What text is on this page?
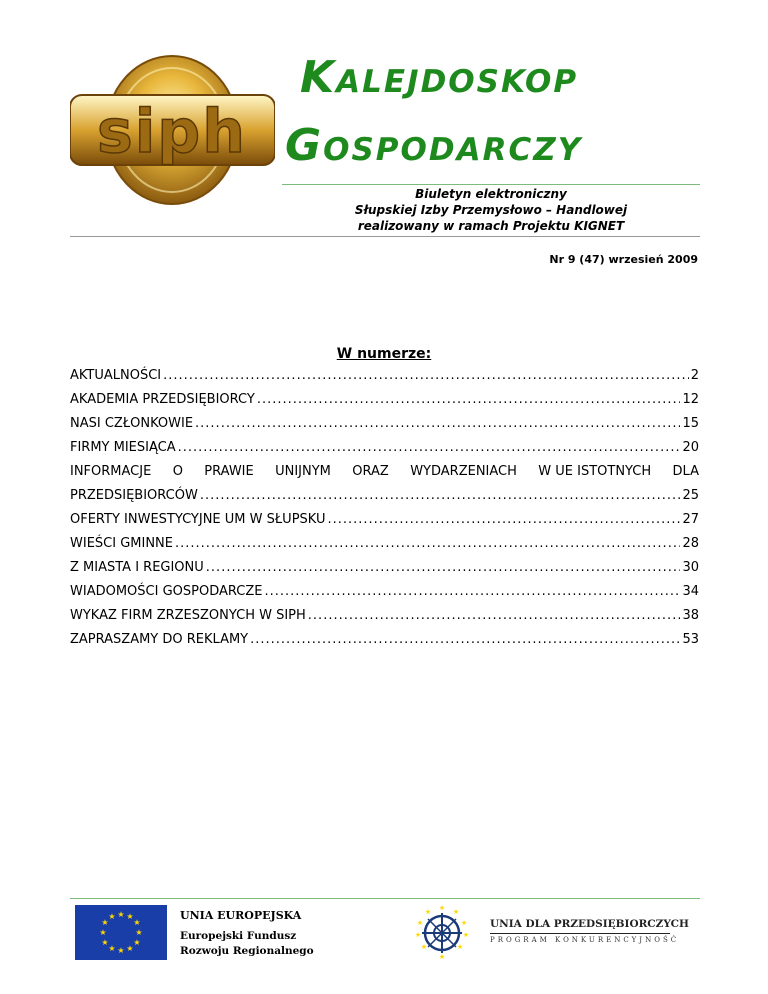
siph
KALEJDOSKOP
GOSPODARCZY
Biuletyn elektroniczny
Słupskiej Izby Przemysłowo – Handlowej
realizowany w ramach Projektu KIGNET
Nr 9 (47) wrzesień 2009
W numerze:
AKTUALNOŚCI .....	2
AKADEMIA PRZEDSIĘBIORCY .....	12
NASI CZŁONKOWIE .....	15
FIRMY MIESIĄCA .....	20
INFORMACJE O PRAWIE UNIJNYM ORAZ WYDARZENIACH W UE ISTOTNYCH DLA
PRZEDSIĘBIORCÓW .....	25
OFERTY INWESTYCYJNE UM W SŁUPSKU .....	27
WIEŚCI GMINNE .....	28
Z MIASTA I REGIONU .....	30
WIADOMOŚCI GOSPODARCZE .....	34
WYKAZ FIRM ZRZESZONYCH W SIPH .....	38
ZAPRASZAMY DO REKLAMY .....	53
★ ★
★
★
★
★
★
★
★
★
★
★	UNIA EUROPEJSKA
Europejski Fundusz
Rozwoju Regionalnego
★ ★
★
★
★
★
★
★
★
★
UNIA DLA PRZEDSIĘBIORCZYCH
PROGRAM KONKURENCYJNOŚĆ
